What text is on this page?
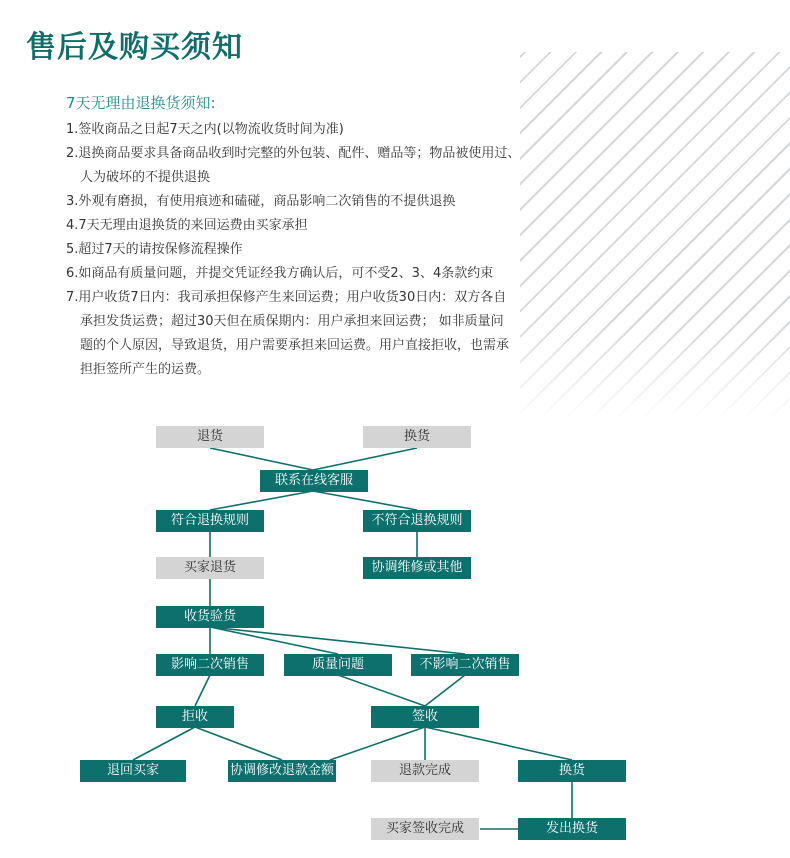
售后及购买须知
7天无理由退换货须知:
1.签收商品之日起7天之内(以物流收货时间为准)
2.退换商品要求具备商品收到时完整的外包装、配件、赠品等；物品被使用过、
人为破坏的不提供退换
3.外观有磨损，有使用痕迹和磕碰，商品影响二次销售的不提供退换
4.7天无理由退换货的来回运费由买家承担
5.超过7天的请按保修流程操作
6.如商品有质量问题，并提交凭证经我方确认后，可不受2、3、4条款约束
7.用户收货7日内：我司承担保修产生来回运费；用户收货30日内：双方各自
承担发货运费；超过30天但在质保期内：用户承担来回运费； 如非质量问
题的个人原因，导致退货，用户需要承担来回运费。用户直接拒收，也需承
担拒签所产生的运费。
退货	换货
联系在线客服
符合退换规则	不符合退换规则
买家退货	协调维修或其他
收货验货
影响二次销售	质量问题	不影响二次销售
拒收	签收
退回买家	协调修改退款金额	退款完成	换货
买家签收完成	发出换货
